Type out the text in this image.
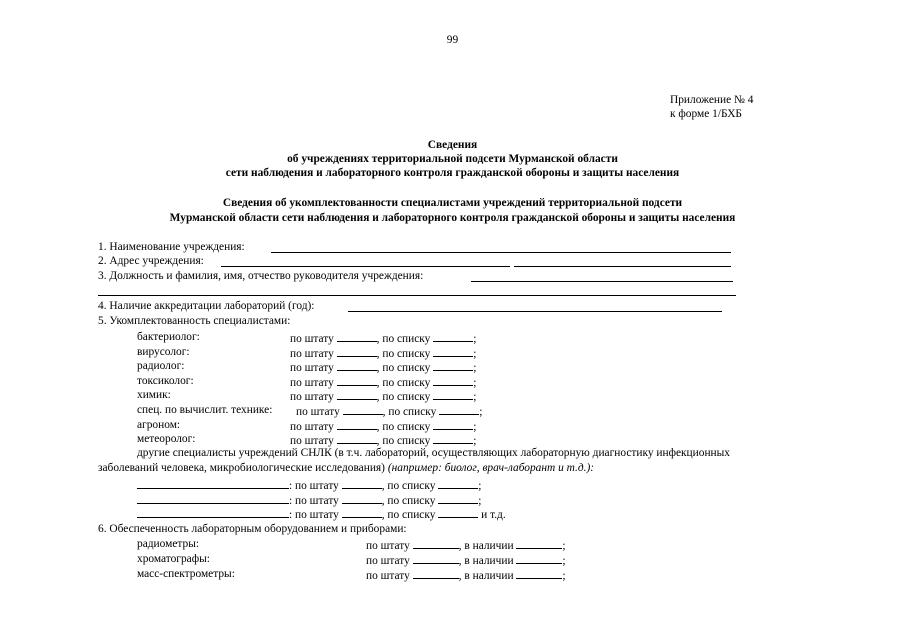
99
Приложение № 4
к форме 1/БХБ
Сведения
об учреждениях территориальной подсети Мурманской области
сети наблюдения и лабораторного контроля гражданской обороны и защиты населения
Сведения об укомплектованности специалистами учреждений территориальной подсети
Мурманской области сети наблюдения и лабораторного контроля гражданской обороны и защиты населения
1. Наименование учреждения:
2. Адрес учреждения:
3. Должность и фамилия, имя, отчество руководителя учреждения:
4. Наличие аккредитации лабораторий (год):
5. Укомплектованность специалистами:
бактериолог:	по штату	, по списку	;
вирусолог:	по штату	, по списку	;
радиолог:	по штату	, по списку	;
токсиколог:	по штату	, по списку	;
химик:	по штату	, по списку	;
спец. по вычислит. технике: по штату	, по списку	;
агроном:	по штату	, по списку	;
метеоролог:	по штату	, по списку	;
другие специалисты учреждений СНЛК (в т.ч. лабораторий, осуществляющих лабораторную диагностику инфекционных
заболеваний человека, микробиологические исследования) (например: биолог, врач-лаборант и т.д.):
: по штату	, по списку	;
: по штату	, по списку	;
: по штату	, по списку	и т.д.
6. Обеспеченность лабораторным оборудованием и приборами:
радиометры:	по штату	, в наличии	;
хроматографы:	по штату	, в наличии	;
масс-спектрометры:	по штату	, в наличии	;
